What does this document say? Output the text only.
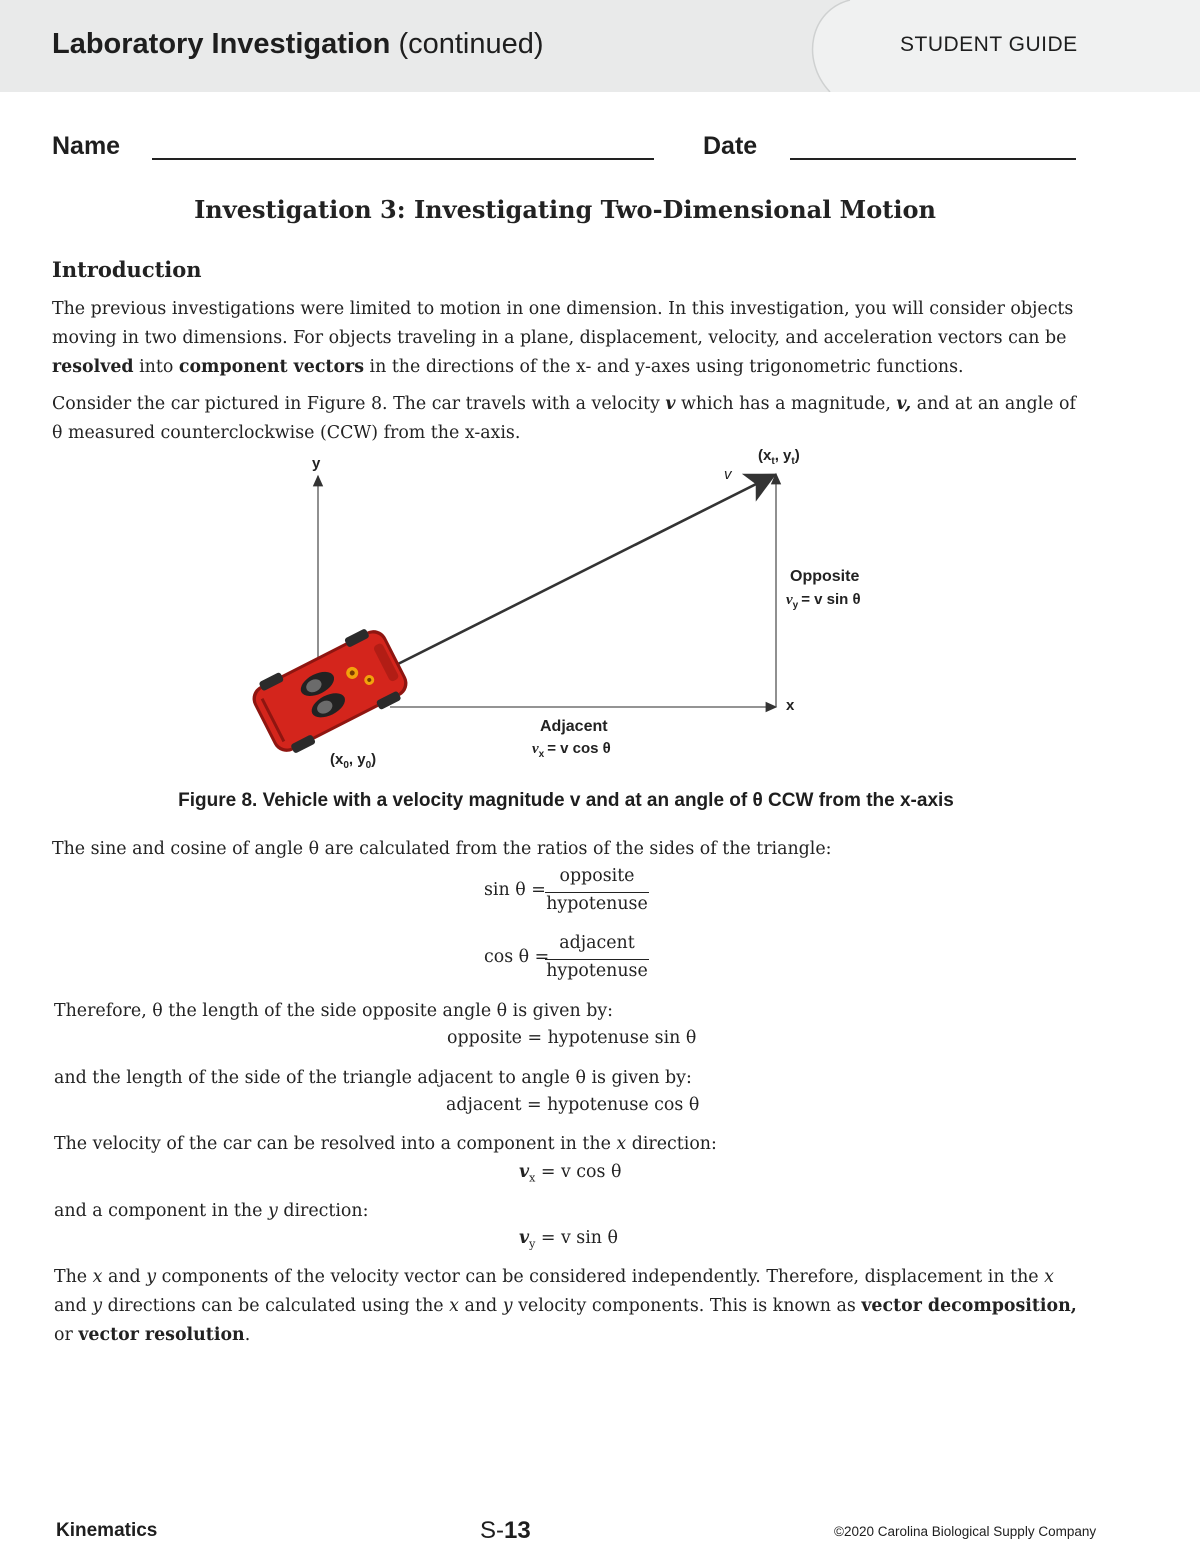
Laboratory Investigation (continued)	STUDENT GUIDE
Name	Date
Investigation 3: Investigating Two-Dimensional Motion
Introduction
The previous investigations were limited to motion in one dimension. In this investigation, you will consider objects moving in two dimensions. For objects traveling in a plane, displacement, velocity, and acceleration vectors can be resolved into component vectors in the directions of the x- and y-axes using trigonometric functions.
Consider the car pictured in Figure 8. The car travels with a velocity v which has a magnitude, v, and at an angle of θ measured counterclockwise (CCW) from the x-axis.
y
x
v
($x_t$, $y_t$)
Opposite
$v_y = v$ sin θ
Adjacent
$v_x = v$ cos θ
($x_0$, $y_0$)
Figure 8. Vehicle with a velocity magnitude v and at an angle of θ CCW from the x-axis
The sine and cosine of angle θ are calculated from the ratios of the sides of the triangle:
sin θ =
opposite
hypotenuse
cos θ =
adjacent
hypotenuse
Therefore, θ the length of the side opposite angle θ is given by:
opposite = hypotenuse sin θ
and the length of the side of the triangle adjacent to angle θ is given by:
adjacent = hypotenuse cos θ
The velocity of the car can be resolved into a component in the x direction:
$v_x = v$ cos θ
and a component in the y direction:
$v_y = v$ sin θ
The x and y components of the velocity vector can be considered independently. Therefore, displacement in the x and y directions can be calculated using the x and y velocity components. This is known as vector decomposition, or vector resolution.
Kinematics	S-13	©2020 Carolina Biological Supply Company
